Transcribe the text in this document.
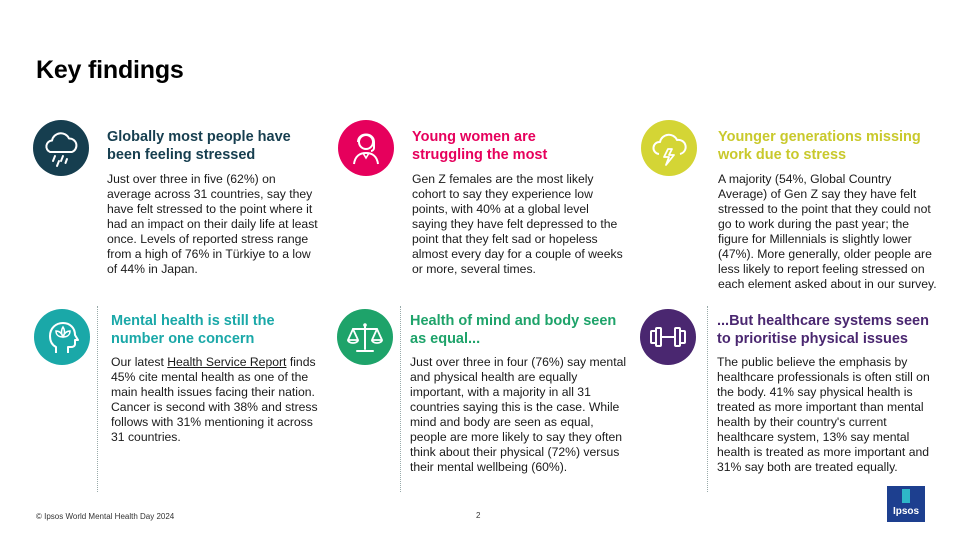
Key findings
Globally most people have been feeling stressed
Just over three in five (62%) on average across 31 countries, say they have felt stressed to the point where it had an impact on their daily life at least once. Levels of reported stress range from a high of 76% in Türkiye to a low of 44% in Japan.
Young women are struggling the most
Gen Z females are the most likely cohort to say they experience low points, with 40% at a global level saying they have felt depressed to the point that they felt sad or hopeless almost every day for a couple of weeks or more, several times.
Younger generations missing work due to stress
A majority (54%, Global Country Average) of Gen Z say they have felt stressed to the point that they could not go to work during the past year; the figure for Millennials is slightly lower (47%). More generally, older people are less likely to report feeling stressed on each element asked about in our survey.
Mental health is still the number one concern
Our latest Health Service Report finds 45% cite mental health as one of the main health issues facing their nation. Cancer is second with 38% and stress follows with 31% mentioning it across 31 countries.
Health of mind and body seen as equal...
Just over three in four (76%) say mental and physical health are equally important, with a majority in all 31 countries saying this is the case. While mind and body are seen as equal, people are more likely to say they often think about their physical (72%) versus their mental wellbeing (60%).
...But healthcare systems seen to prioritise physical issues
The public believe the emphasis by healthcare professionals is often still on the body. 41% say physical health is treated as more important than mental health by their country's current healthcare system, 13% say mental health is treated as more important and 31% say both are treated equally.
© Ipsos World Mental Health Day 2024	2	Ipsos
